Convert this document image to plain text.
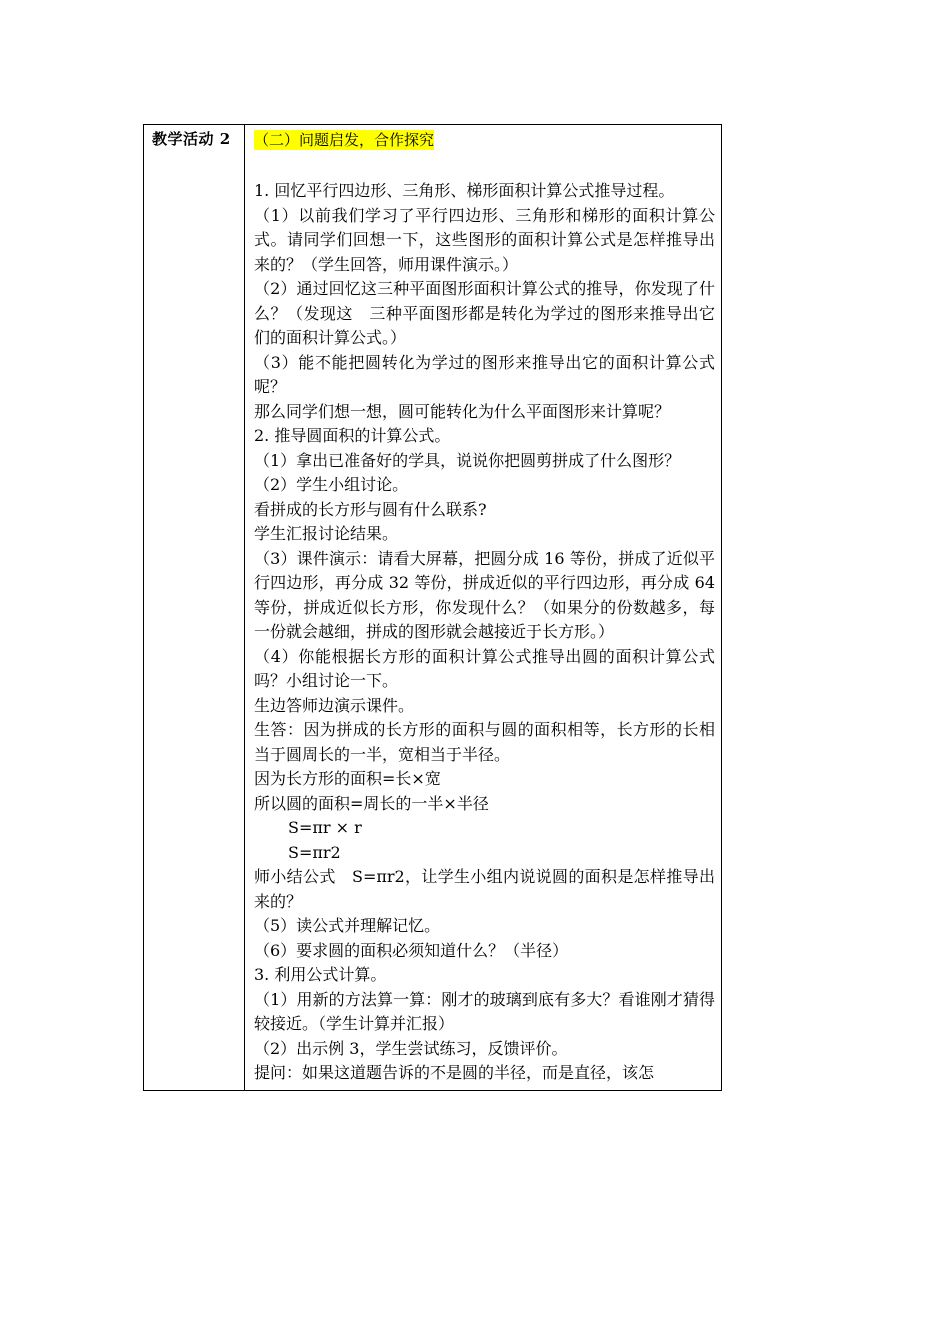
教学活动 2	（二）问题启发，合作探究

1. 回忆平行四边形、三角形、梯形面积计算公式推导过程。

（1）以前我们学习了平行四边形、三角形和梯形的面积计算公式。请同学们回想一下，这些图形的面积计算公式是怎样推导出来的？（学生回答，师用课件演示。）

（2）通过回忆这三种平面图形面积计算公式的推导，你发现了什么？（发现这　三种平面图形都是转化为学过的图形来推导出它们的面积计算公式。）

（3）能不能把圆转化为学过的图形来推导出它的面积计算公式呢？

那么同学们想一想，圆可能转化为什么平面图形来计算呢？

2. 推导圆面积的计算公式。

（1）拿出已准备好的学具，说说你把圆剪拼成了什么图形？

（2）学生小组讨论。

看拼成的长方形与圆有什么联系?

学生汇报讨论结果。

（3）课件演示：请看大屏幕，把圆分成 16 等份，拼成了近似平行四边形，再分成 32 等份，拼成近似的平行四边形，再分成 64 等份，拼成近似长方形，你发现什么？（如果分的份数越多，每一份就会越细，拼成的图形就会越接近于长方形。）

（4）你能根据长方形的面积计算公式推导出圆的面积计算公式吗？小组讨论一下。

生边答师边演示课件。

生答：因为拼成的长方形的面积与圆的面积相等，长方形的长相当于圆周长的一半，宽相当于半径。

因为长方形的面积=长×宽

所以圆的面积=周长的一半×半径

S=πr × r

S=πr2

师小结公式　S=πr2，让学生小组内说说圆的面积是怎样推导出来的？

（5）读公式并理解记忆。

（6）要求圆的面积必须知道什么？（半径）

3. 利用公式计算。

（1）用新的方法算一算：刚才的玻璃到底有多大？看谁刚才猜得较接近。（学生计算并汇报）

（2）出示例 3，学生尝试练习，反馈评价。

提问：如果这道题告诉的不是圆的半径，而是直径，该怎
